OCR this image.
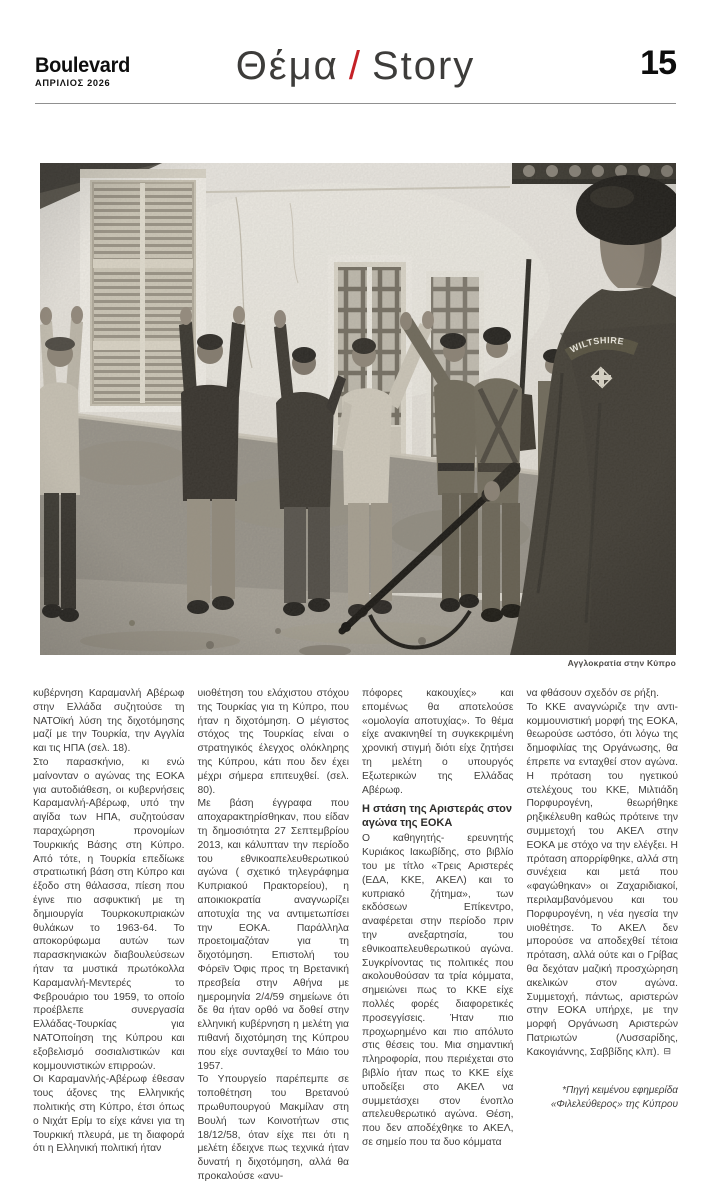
Boulevard
ΑΠΡΙΛΙΟΣ 2026	Θέμα / Story	15
Αγγλοκρατία στην Κύπρο

κυβέρνηση Καραμανλή Αβέρωφ στην Ελλάδα συζητούσε τη ΝΑΤΟϊκή λύση της διχοτόμησης μαζί με την Τουρκία, την Αγγλία και τις ΗΠΑ (σελ. 18).

Στο παρασκήνιο, κι ενώ μαίνονταν ο αγώνας της ΕΟΚΑ για αυτοδιάθεση, οι κυβερνήσεις Καραμανλή-Αβέρωφ, υπό την αιγίδα των ΗΠΑ, συζητούσαν παραχώρηση προνομίων Τουρκικής Βάσης στη Κύπρο. Από τότε, η Τουρκία επεδίωκε στρατιωτική βάση στη Κύπρο και έξοδο στη θάλασσα, πίεση που έγινε πιο ασφυκτική με τη δημιουργία Τουρκοκυπριακών θυλάκων το 1963-64. Το αποκορύφωμα αυτών των παρασκηνιακών διαβουλεύσεων ήταν τα μυστικά πρωτόκολλα Καραμανλή-Μεντερές το Φεβρουάριο του 1959, το οποίο προέβλεπε συνεργασία Ελλάδας-Τουρκίας για ΝΑΤΟποίηση της Κύπρου και εξοβελισμό σοσιαλιστικών και κομμουνιστικών επιρροών.

Οι Καραμανλής-Αβέρωφ έθεσαν τους άξονες της Ελληνικής πολιτικής στη Κύπρο, έτσι όπως ο Νιχάτ Ερίμ το είχε κάνει για τη Τουρκική πλευρά, με τη διαφορά ότι η Ελληνική πολιτική ήταν

υιοθέτηση του ελάχιστου στόχου της Τουρκίας για τη Κύπρο, που ήταν η διχοτόμηση. Ο μέγιστος στόχος της Τουρκίας είναι ο στρατηγικός έλεγχος ολόκληρης της Κύπρου, κάτι που δεν έχει μέχρι σήμερα επιτευχθεί. (σελ. 80).

Με βάση έγγραφα που αποχαρακτηρίσθηκαν, που είδαν τη δημοσιότητα 27 Σεπτεμβρίου 2013, και κάλυπταν την περίοδο του εθνικοαπελευθερωτικού αγώνα ( σχετικό τηλεγράφημα Κυπριακού Πρακτορείου), η αποικιοκρατία αναγνωρίζει αποτυχία της να αντιμετωπίσει την ΕΟΚΑ. Παράλληλα προετοιμαζόταν για τη διχοτόμηση. Επιστολή του Φόρεϊν Όφις προς τη Βρετανική πρεσβεία στην Αθήνα με ημερομηνία 2/4/59 σημείωνε ότι δε θα ήταν ορθό να δοθεί στην ελληνική κυβέρνηση η μελέτη για πιθανή διχοτόμηση της Κύπρου που είχε συνταχθεί το Μάιο του 1957.

Το Υπουργείο παρέπεμπε σε τοποθέτηση του Βρετανού πρωθυπουργού Μακμίλαν στη Βουλή των Κοινοτήτων στις 18/12/58, όταν είχε πει ότι η μελέτη έδειχνε πως τεχνικά ήταν δυνατή η διχοτόμηση, αλλά θα προκαλούσε «ανυ-

πόφορες κακουχίες» και επομένως θα αποτελούσε «ομολογία αποτυχίας». Το θέμα είχε ανακινηθεί τη συγκεκριμένη χρονική στιγμή διότι είχε ζητήσει τη μελέτη ο υπουργός Εξωτερικών της Ελλάδας Αβέρωφ.

Η στάση της Αριστεράς στον αγώνα της ΕΟΚΑ

Ο καθηγητής- ερευνητής Κυριάκος Ιακωβίδης, στο βιβλίο του με τίτλο «Τρεις Αριστερές (ΕΔΑ, ΚΚΕ, ΑΚΕΛ) και το κυπριακό ζήτημα», των εκδόσεων Επίκεντρο, αναφέρεται στην περίοδο πριν την ανεξαρτησία, του εθνικοαπελευθερωτικού αγώνα. Συγκρίνοντας τις πολιτικές που ακολουθούσαν τα τρία κόμματα, σημειώνει πως το ΚΚΕ είχε πολλές φορές διαφορετικές προσεγγίσεις. Ήταν πιο προχωρημένο και πιο απόλυτο στις θέσεις του. Μια σημαντική πληροφορία, που περιέχεται στο βιβλίο ήταν πως το ΚΚΕ είχε υποδείξει στο ΑΚΕΛ να συμμετάσχει στον ένοπλο απελευθερωτικό αγώνα. Θέση, που δεν αποδέχθηκε το ΑΚΕΛ, σε σημείο που τα δυο κόμματα

να φθάσουν σχεδόν σε ρήξη.

Το ΚΚΕ αναγνώριζε την αντι-κομμουνιστική μορφή της ΕΟΚΑ, θεωρούσε ωστόσο, ότι λόγω της δημοφιλίας της Οργάνωσης, θα έπρεπε να ενταχθεί στον αγώνα. Η πρόταση του ηγετικού στελέχους του ΚΚΕ, Μιλτιάδη Πορφυρογένη, θεωρήθηκε ρηξικέλευθη καθώς πρότεινε την συμμετοχή του ΑΚΕΛ στην ΕΟΚΑ με στόχο να την ελέγξει. Η πρόταση απορρίφθηκε, αλλά στη συνέχεια και μετά που «φαγώθηκαν» οι Ζαχαριδιακοί, περιλαμβανόμενου και του Πορφυρογένη, η νέα ηγεσία την υιοθέτησε. Το ΑΚΕΛ δεν μπορούσε να αποδεχθεί τέτοια πρόταση, αλλά ούτε και ο Γρίβας θα δεχόταν μαζική προσχώρηση ακελικών στον αγώνα. Συμμετοχή, πάντως, αριστερών στην ΕΟΚΑ υπήρχε, με την μορφή Οργάνωση Αριστερών Πατριωτών (Λυσσαρίδης, Κακογιάννης, Σαββίδης κλπ). ⊟

*Πηγή κειμένου εφημερίδα
«Φιλελεύθερος» της Κύπρου
